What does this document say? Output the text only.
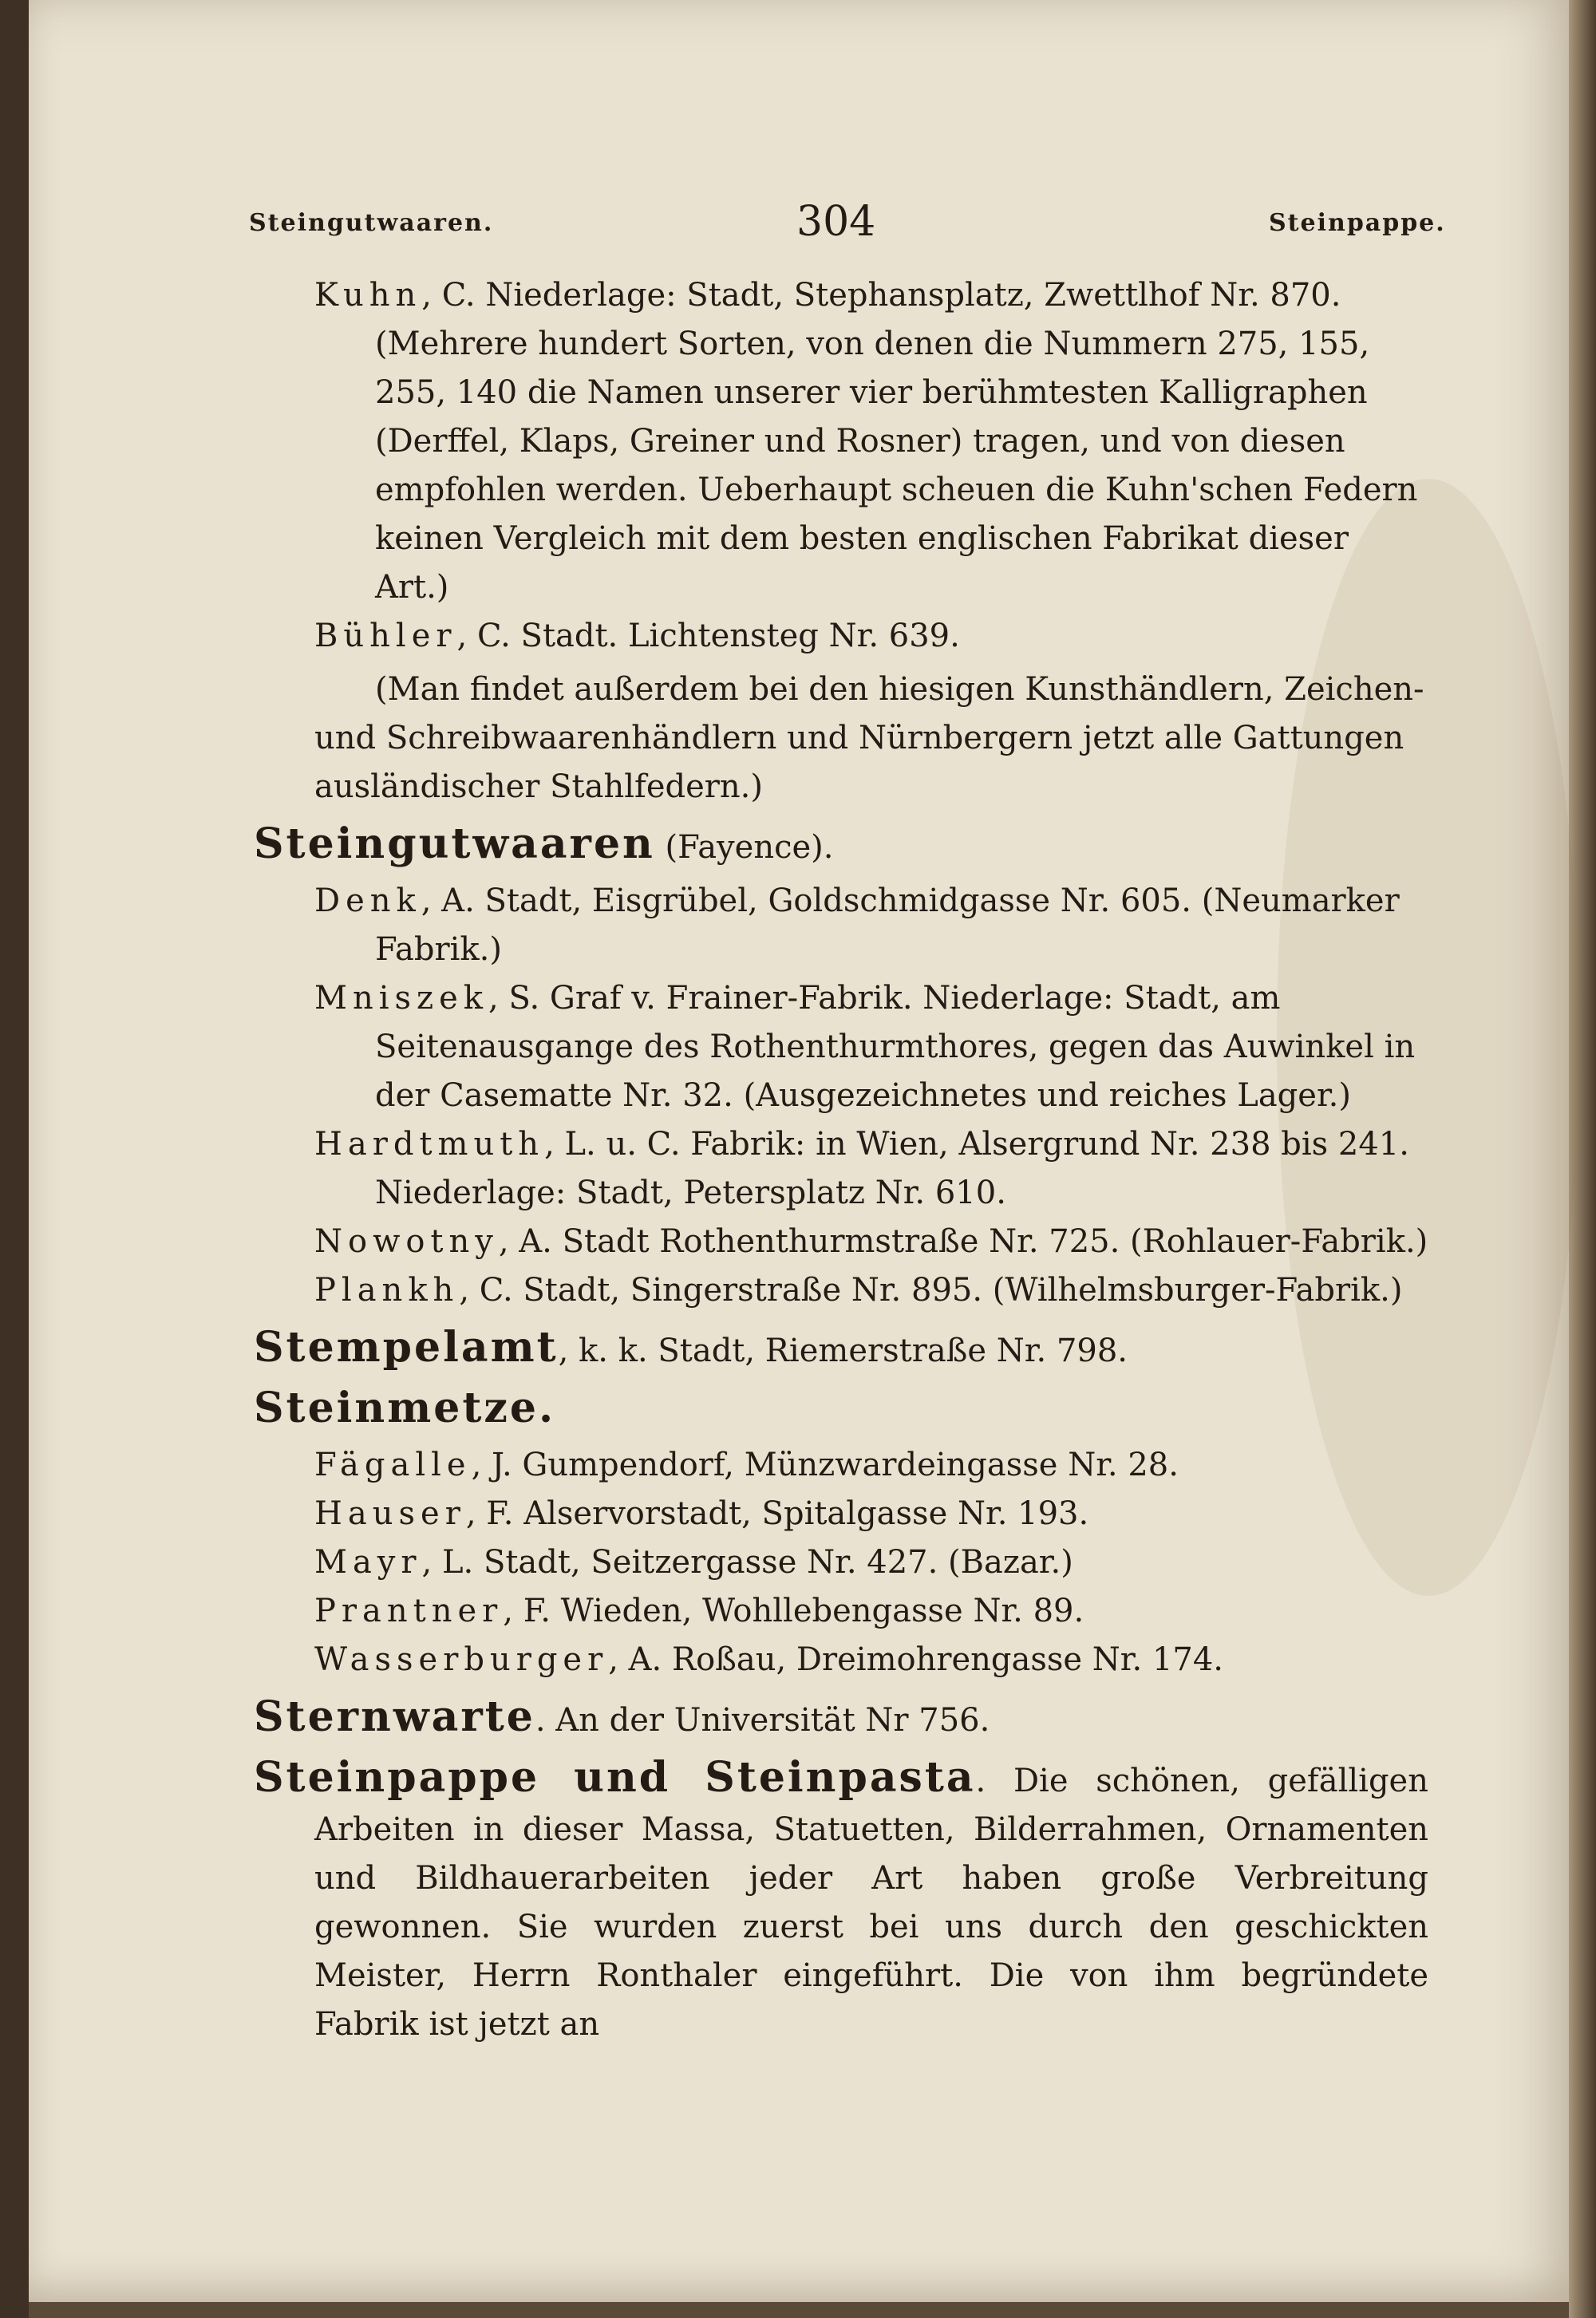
Steingutwaaren.	304	Steinpappe.

Kuhn, C. Niederlage: Stadt, Stephansplatz, Zwettlhof Nr. 870. (Mehrere hundert Sorten, von denen die Nummern 275, 155, 255, 140 die Namen unserer vier berühmtesten Kalligraphen (Derffel, Klaps, Greiner und Rosner) tragen, und von diesen empfohlen werden. Ueberhaupt scheuen die Kuhn'schen Federn keinen Vergleich mit dem besten englischen Fabrikat dieser Art.)

Bühler, C. Stadt. Lichtensteg Nr. 639.

(Man findet außerdem bei den hiesigen Kunsthändlern, Zeichen- und Schreibwaarenhändlern und Nürnbergern jetzt alle Gattungen ausländischer Stahlfedern.)

Steingutwaaren (Fayence).

Denk, A. Stadt, Eisgrübel, Goldschmidgasse Nr. 605. (Neumarker Fabrik.)

Mniszek, S. Graf v. Frainer-Fabrik. Niederlage: Stadt, am Seitenausgange des Rothenthurmthores, gegen das Auwinkel in der Casematte Nr. 32. (Ausgezeichnetes und reiches Lager.)

Hardtmuth, L. u. C. Fabrik: in Wien, Alsergrund Nr. 238 bis 241. Niederlage: Stadt, Petersplatz Nr. 610.

Nowotny, A. Stadt Rothenthurmstraße Nr. 725. (Rohlauer-Fabrik.)

Plankh, C. Stadt, Singerstraße Nr. 895. (Wilhelmsburger-Fabrik.)

Stempelamt, k. k. Stadt, Riemerstraße Nr. 798.

Steinmetze.

Fägalle, J. Gumpendorf, Münzwardeingasse Nr. 28.

Hauser, F. Alservorstadt, Spitalgasse Nr. 193.

Mayr, L. Stadt, Seitzergasse Nr. 427. (Bazar.)

Prantner, F. Wieden, Wohllebengasse Nr. 89.

Wasserburger, A. Roßau, Dreimohrengasse Nr. 174.

Sternwarte. An der Universität Nr 756.

Steinpappe und Steinpasta. Die schönen, gefälligen Arbeiten in dieser Massa, Statuetten, Bilderrahmen, Ornamenten und Bildhauerarbeiten jeder Art haben große Verbreitung gewonnen. Sie wurden zuerst bei uns durch den geschickten Meister, Herrn Ronthaler eingeführt. Die von ihm begründete Fabrik ist jetzt an
